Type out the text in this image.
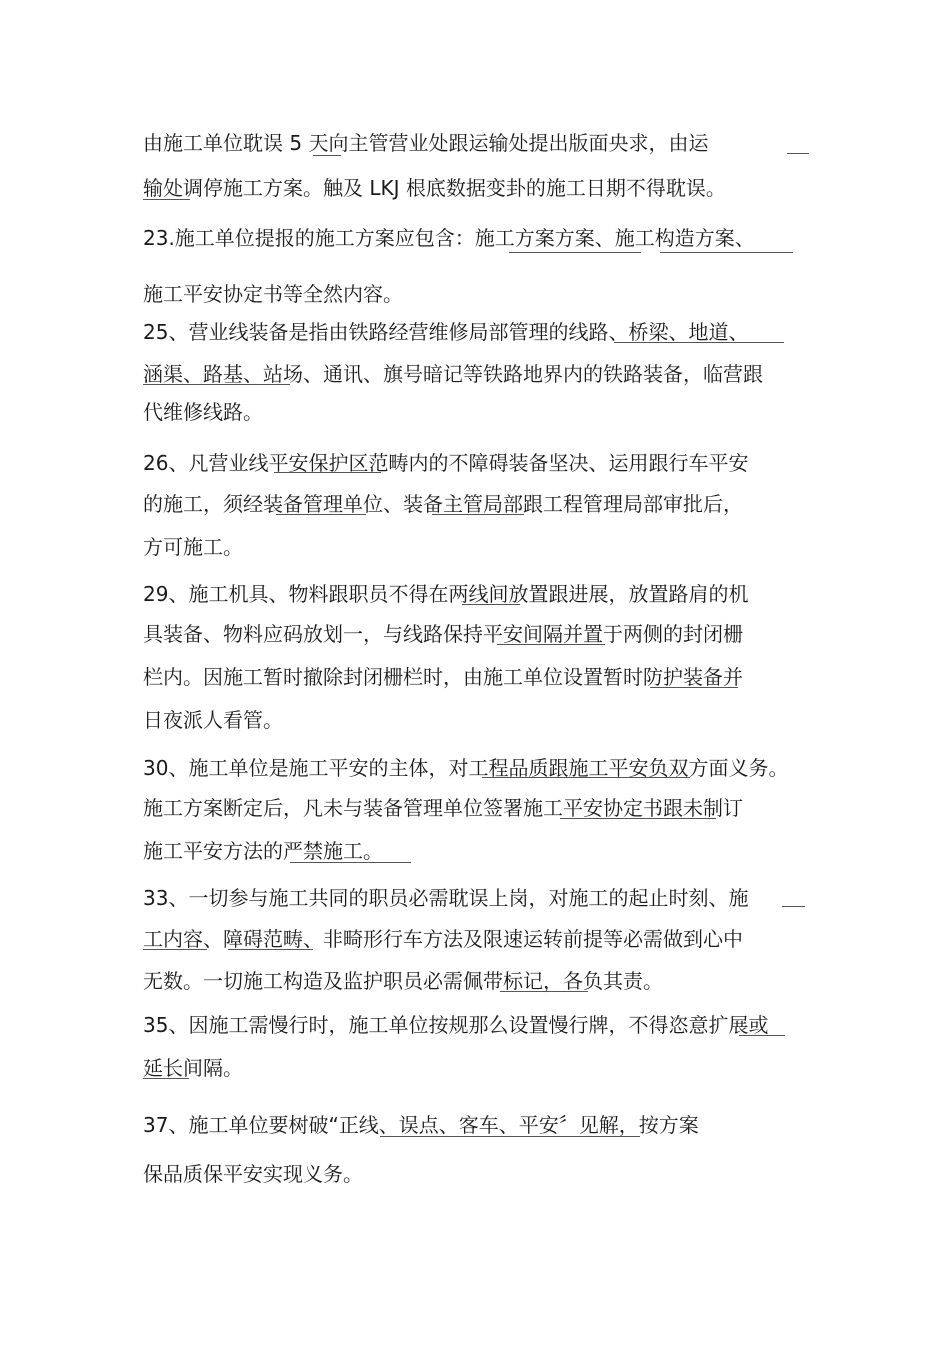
由施工单位耽误 5 天向主管营业处跟运输处提出版面央求，由运
输处调停施工方案。触及 LKJ 根底数据变卦的施工日期不得耽误。
23.施工单位提报的施工方案应包含：施工方案方案、施工构造方案、
施工平安协定书等全然内容。
25、营业线装备是指由铁路经营维修局部管理的线路、桥梁、地道、
涵渠、路基、站场、通讯、旗号暗记等铁路地界内的铁路装备，临营跟
代维修线路。
26、凡营业线平安保护区范畴内的不障碍装备坚决、运用跟行车平安
的施工，须经装备管理单位、装备主管局部跟工程管理局部审批后，
方可施工。
29、施工机具、物料跟职员不得在两线间放置跟进展，放置路肩的机
具装备、物料应码放划一，与线路保持平安间隔并置于两侧的封闭栅
栏内。因施工暂时撤除封闭栅栏时，由施工单位设置暂时防护装备并
日夜派人看管。
30、施工单位是施工平安的主体，对工程品质跟施工平安负双方面义务。
施工方案断定后，凡未与装备管理单位签署施工平安协定书跟未制订
施工平安方法的严禁施工。
33、一切参与施工共同的职员必需耽误上岗，对施工的起止时刻、施
工内容、障碍范畴、非畸形行车方法及限速运转前提等必需做到心中
无数。一切施工构造及监护职员必需佩带标记，各负其责。
35、因施工需慢行时，施工单位按规那么设置慢行牌，不得恣意扩展或
延长间隔。
37、施工单位要树破“正线、误点、客车、平安〞见解，按方案
保品质保平安实现义务。
